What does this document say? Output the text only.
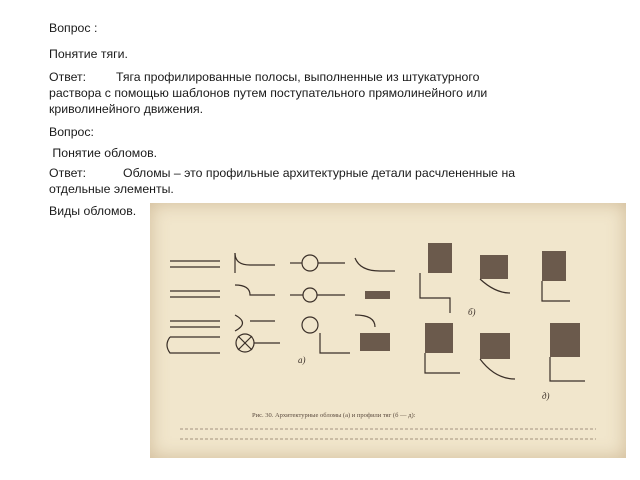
Вопрос :
Понятие тяги.
Ответ: Тяга профилированные полосы, выполненные из штукатурного
раствора с помощью шаблонов путем поступательного прямолинейного или
криволинейного движения.
Вопрос:
Понятие обломов.
Ответ:	Обломы – это профильные архитектурные детали расчлененные на
отдельные элементы.
Виды обломов.
а)
б)
д)
Рис. 30. Архитектурные обломы (а) и профили тяг (б — д):
